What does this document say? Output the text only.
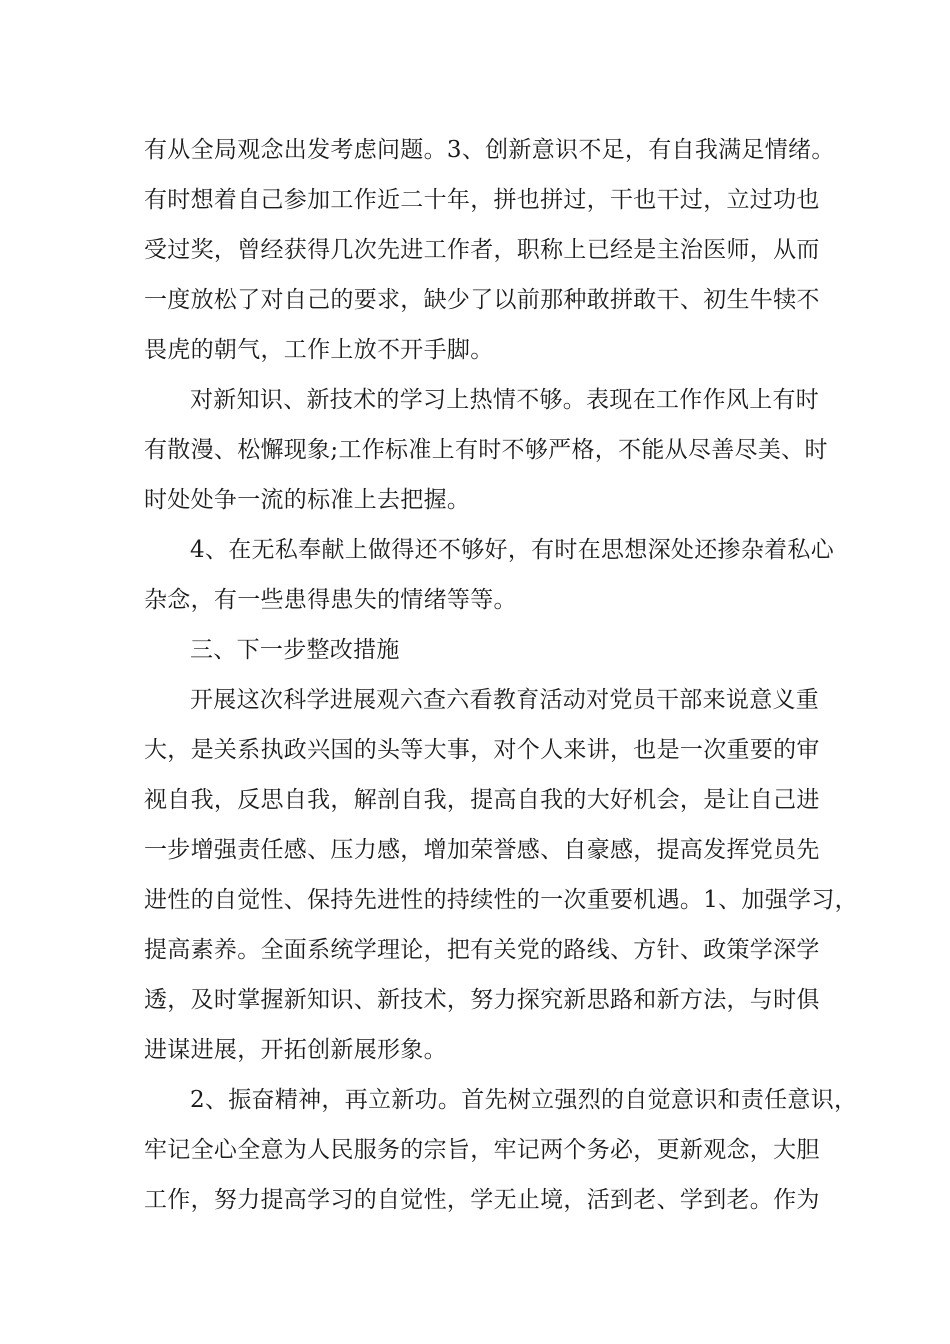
有从全局观念出发考虑问题。3、创新意识不足，有自我满足情绪。
有时想着自己参加工作近二十年，拼也拼过，干也干过，立过功也
受过奖，曾经获得几次先进工作者，职称上已经是主治医师，从而
一度放松了对自己的要求，缺少了以前那种敢拼敢干、初生牛犊不
畏虎的朝气，工作上放不开手脚。
对新知识、新技术的学习上热情不够。表现在工作作风上有时
有散漫、松懈现象;工作标准上有时不够严格，不能从尽善尽美、时
时处处争一流的标准上去把握。
4、在无私奉献上做得还不够好，有时在思想深处还掺杂着私心
杂念，有一些患得患失的情绪等等。
三、下一步整改措施
开展这次科学进展观六查六看教育活动对党员干部来说意义重
大，是关系执政兴国的头等大事，对个人来讲，也是一次重要的审
视自我，反思自我，解剖自我，提高自我的大好机会，是让自己进
一步增强责任感、压力感，增加荣誉感、自豪感，提高发挥党员先
进性的自觉性、保持先进性的持续性的一次重要机遇。1、加强学习，
提高素养。全面系统学理论，把有关党的路线、方针、政策学深学
透，及时掌握新知识、新技术，努力探究新思路和新方法，与时俱
进谋进展，开拓创新展形象。
2、振奋精神，再立新功。首先树立强烈的自觉意识和责任意识，
牢记全心全意为人民服务的宗旨，牢记两个务必，更新观念，大胆
工作，努力提高学习的自觉性，学无止境，活到老、学到老。作为
